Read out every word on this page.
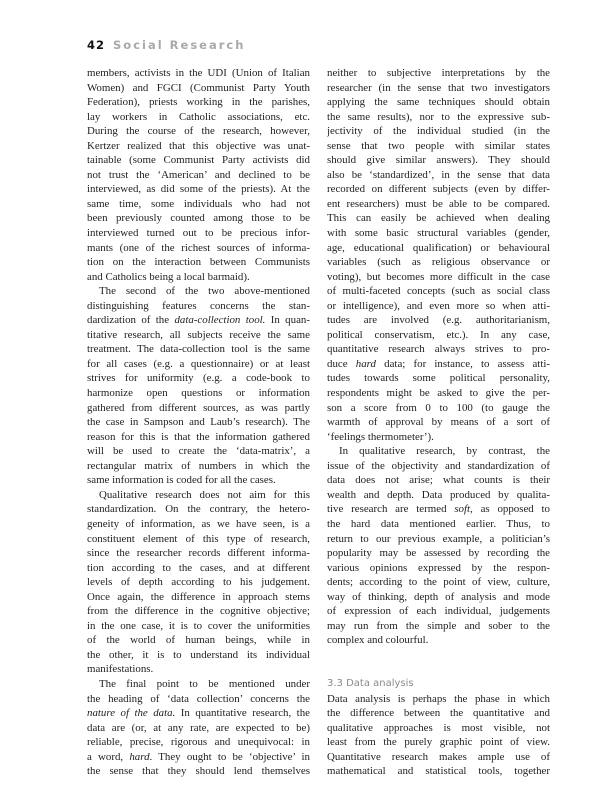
42 Social Research
members, activists in the UDI (Union of Italian
Women) and FGCI (Communist Party Youth
Federation), priests working in the parishes,
lay workers in Catholic associations, etc.
During the course of the research, however,
Kertzer realized that this objective was unat-
tainable (some Communist Party activists did
not trust the ‘American’ and declined to be
interviewed, as did some of the priests). At the
same time, some individuals who had not
been previously counted among those to be
interviewed turned out to be precious infor-
mants (one of the richest sources of informa-
tion on the interaction between Communists
and Catholics being a local barmaid).
The second of the two above-mentioned
distinguishing features concerns the stan-
dardization of the data-collection tool. In quan-
titative research, all subjects receive the same
treatment. The data-collection tool is the same
for all cases (e.g. a questionnaire) or at least
strives for uniformity (e.g. a code-book to
harmonize open questions or information
gathered from different sources, as was partly
the case in Sampson and Laub’s research). The
reason for this is that the information gathered
will be used to create the ‘data-matrix’, a
rectangular matrix of numbers in which the
same information is coded for all the cases.
Qualitative research does not aim for this
standardization. On the contrary, the hetero-
geneity of information, as we have seen, is a
constituent element of this type of research,
since the researcher records different informa-
tion according to the cases, and at different
levels of depth according to his judgement.
Once again, the difference in approach stems
from the difference in the cognitive objective;
in the one case, it is to cover the uniformities
of the world of human beings, while in
the other, it is to understand its individual
manifestations.
The final point to be mentioned under
the heading of ‘data collection’ concerns the
nature of the data. In quantitative research, the
data are (or, at any rate, are expected to be)
reliable, precise, rigorous and unequivocal: in
a word, hard. They ought to be ‘objective’ in
the sense that they should lend themselves
neither to subjective interpretations by the
researcher (in the sense that two investigators
applying the same techniques should obtain
the same results), nor to the expressive sub-
jectivity of the individual studied (in the
sense that two people with similar states
should give similar answers). They should
also be ‘standardized’, in the sense that data
recorded on different subjects (even by differ-
ent researchers) must be able to be compared.
This can easily be achieved when dealing
with some basic structural variables (gender,
age, educational qualification) or behavioural
variables (such as religious observance or
voting), but becomes more difficult in the case
of multi-faceted concepts (such as social class
or intelligence), and even more so when atti-
tudes are involved (e.g. authoritarianism,
political conservatism, etc.). In any case,
quantitative research always strives to pro-
duce hard data; for instance, to assess atti-
tudes towards some political personality,
respondents might be asked to give the per-
son a score from 0 to 100 (to gauge the
warmth of approval by means of a sort of
‘feelings thermometer’).
In qualitative research, by contrast, the
issue of the objectivity and standardization of
data does not arise; what counts is their
wealth and depth. Data produced by qualita-
tive research are termed soft, as opposed to
the hard data mentioned earlier. Thus, to
return to our previous example, a politician’s
popularity may be assessed by recording the
various opinions expressed by the respon-
dents; according to the point of view, culture,
way of thinking, depth of analysis and mode
of expression of each individual, judgements
may run from the simple and sober to the
complex and colourful.
3.3 Data analysis
Data analysis is perhaps the phase in which
the difference between the quantitative and
qualitative approaches is most visible, not
least from the purely graphic point of view.
Quantitative research makes ample use of
mathematical and statistical tools, together
